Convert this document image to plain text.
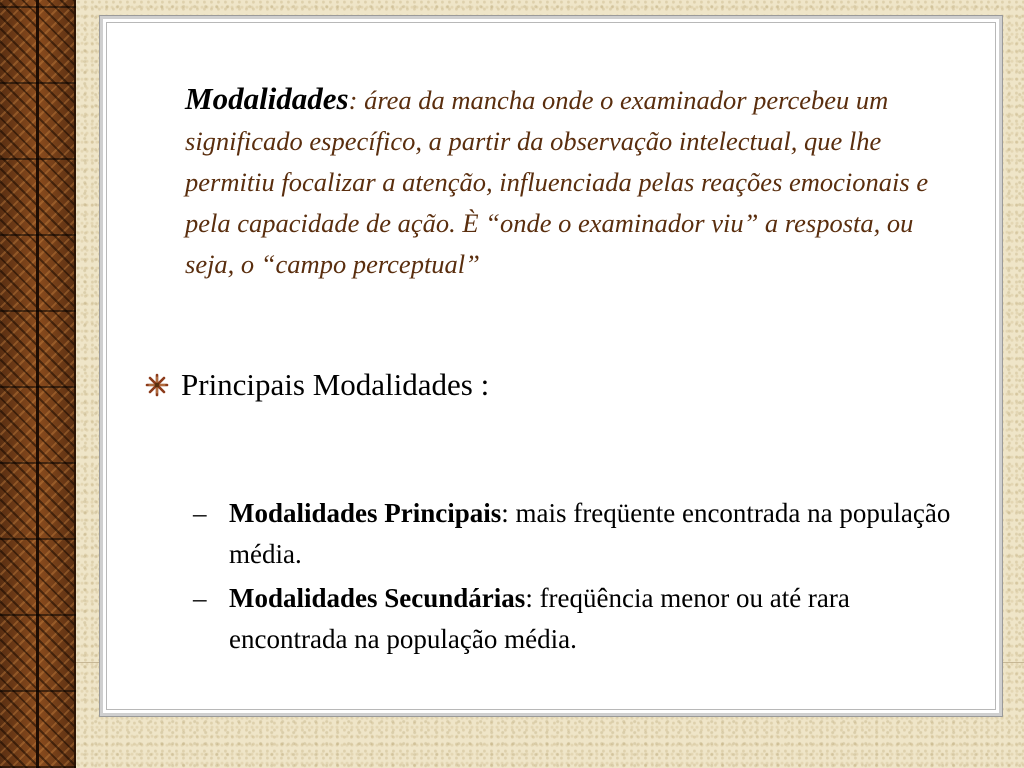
Modalidades: área da mancha onde o examinador percebeu um significado específico, a partir da observação intelectual, que lhe permitiu focalizar a atenção, influenciada pelas reações emocionais e pela capacidade de ação. È “onde o examinador viu” a resposta, ou seja, o “campo perceptual”

Principais Modalidades :
– Modalidades Principais: mais freqüente encontrada na população média.
– Modalidades Secundárias: freqüência menor ou até rara encontrada na população média.
